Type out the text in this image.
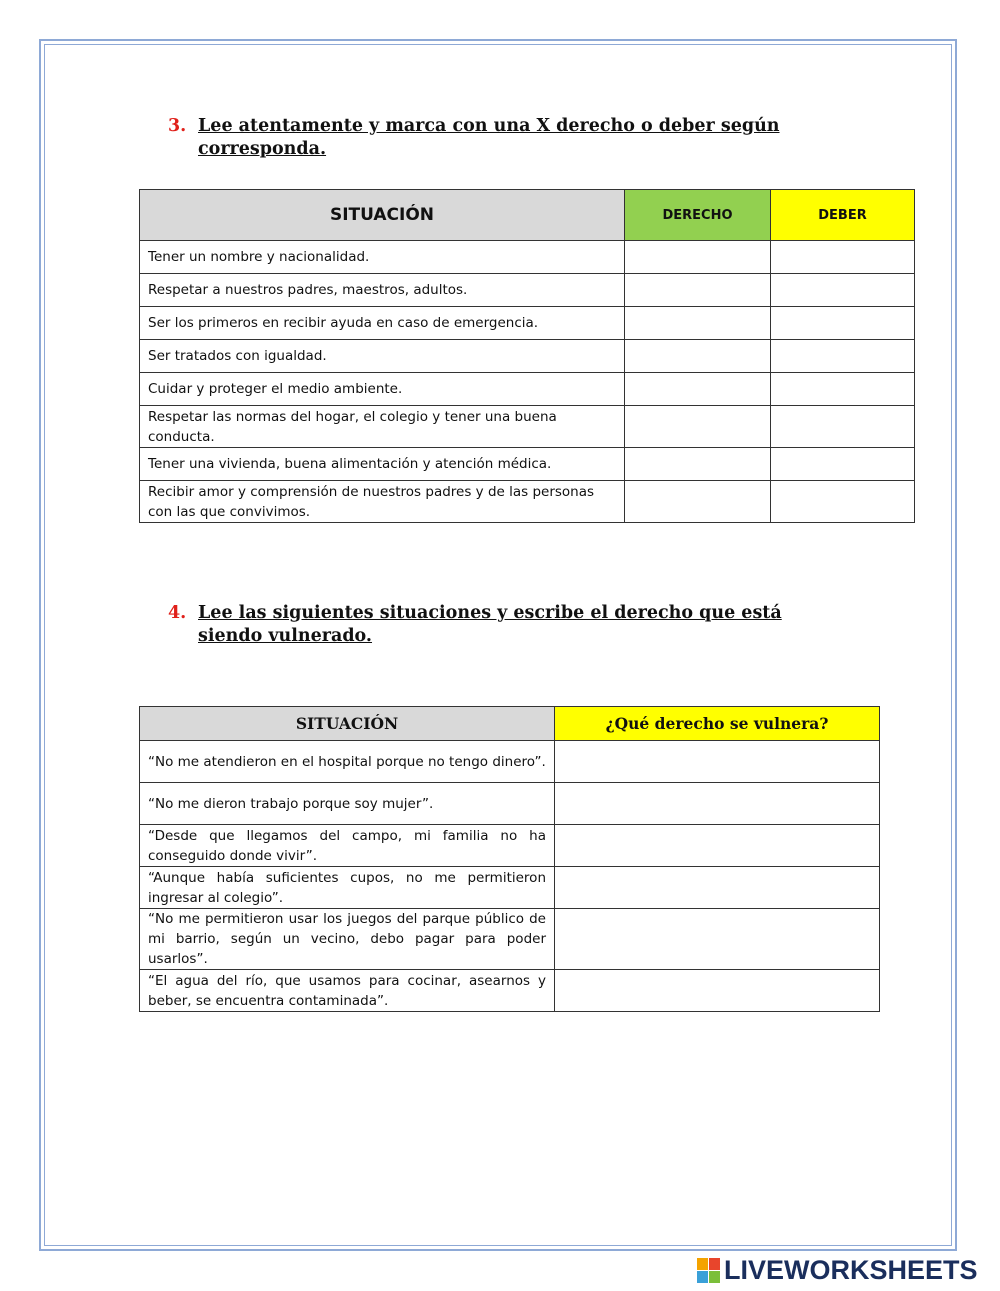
3. Lee atentamente y marca con una X derecho o deber según corresponda.
SITUACIÓN	DERECHO	DEBER
Tener un nombre y nacionalidad.		
Respetar a nuestros padres, maestros, adultos.		
Ser los primeros en recibir ayuda en caso de emergencia.		
Ser tratados con igualdad.		
Cuidar y proteger el medio ambiente.		
Respetar las normas del hogar, el colegio y tener una buena conducta.		
Tener una vivienda, buena alimentación y atención médica.		
Recibir amor y comprensión de nuestros padres y de las personas con las que convivimos.		
4. Lee las siguientes situaciones y escribe el derecho que está siendo vulnerado.
SITUACIÓN	¿Qué derecho se vulnera?
“No me atendieron en el hospital porque no tengo dinero”.	
“No me dieron trabajo porque soy mujer”.	
“Desde que llegamos del campo, mi familia no ha conseguido donde vivir”.	
“Aunque había suficientes cupos, no me permitieron ingresar al colegio”.	
“No me permitieron usar los juegos del parque público de mi barrio, según un vecino, debo pagar para poder usarlos”.	
“El agua del río, que usamos para cocinar, asearnos y beber, se encuentra contaminada”.	
LIVEWORKSHEETS
